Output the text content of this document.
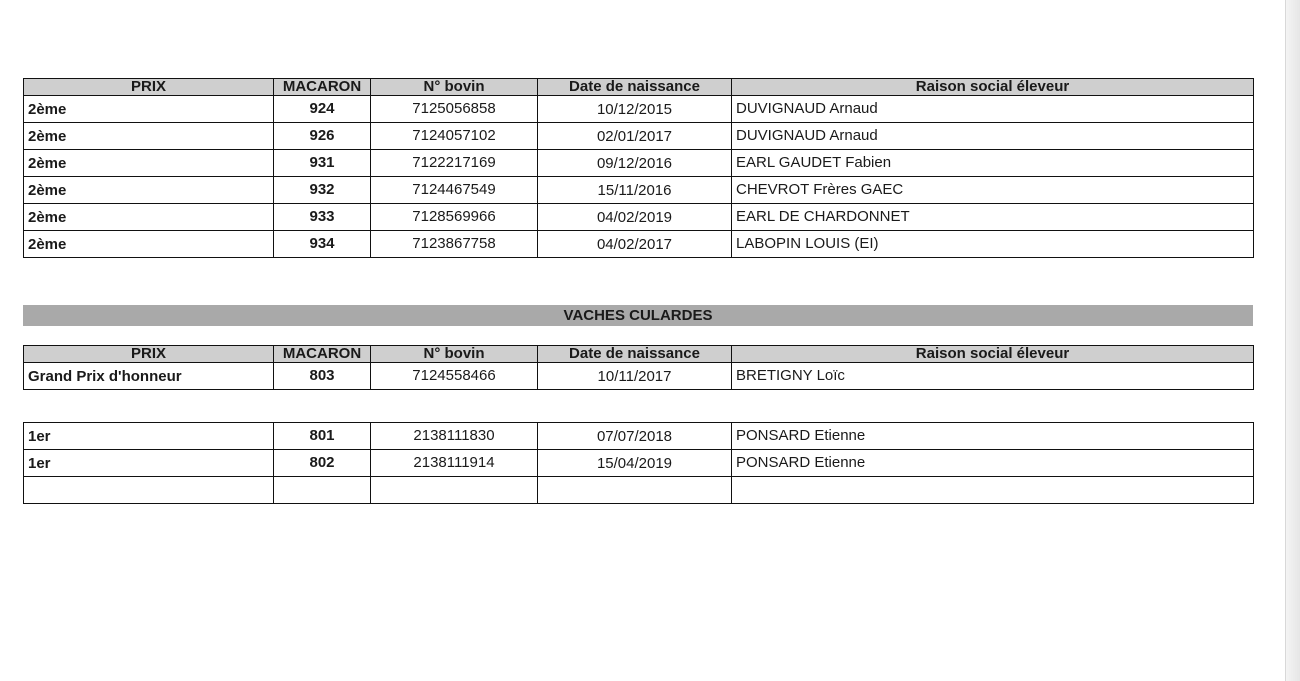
PRIX	MACARON	N° bovin	Date de naissance	Raison social éleveur
2ème	924	7125056858	10/12/2015	DUVIGNAUD Arnaud
2ème	926	7124057102	02/01/2017	DUVIGNAUD Arnaud
2ème	931	7122217169	09/12/2016	EARL GAUDET Fabien
2ème	932	7124467549	15/11/2016	CHEVROT Frères GAEC
2ème	933	7128569966	04/02/2019	EARL DE CHARDONNET
2ème	934	7123867758	04/02/2017	LABOPIN LOUIS (EI)
VACHES CULARDES
PRIX	MACARON	N° bovin	Date de naissance	Raison social éleveur
Grand Prix d'honneur	803	7124558466	10/11/2017	BRETIGNY Loïc
1er	801	2138111830	07/07/2018	PONSARD Etienne
1er	802	2138111914	15/04/2019	PONSARD Etienne
